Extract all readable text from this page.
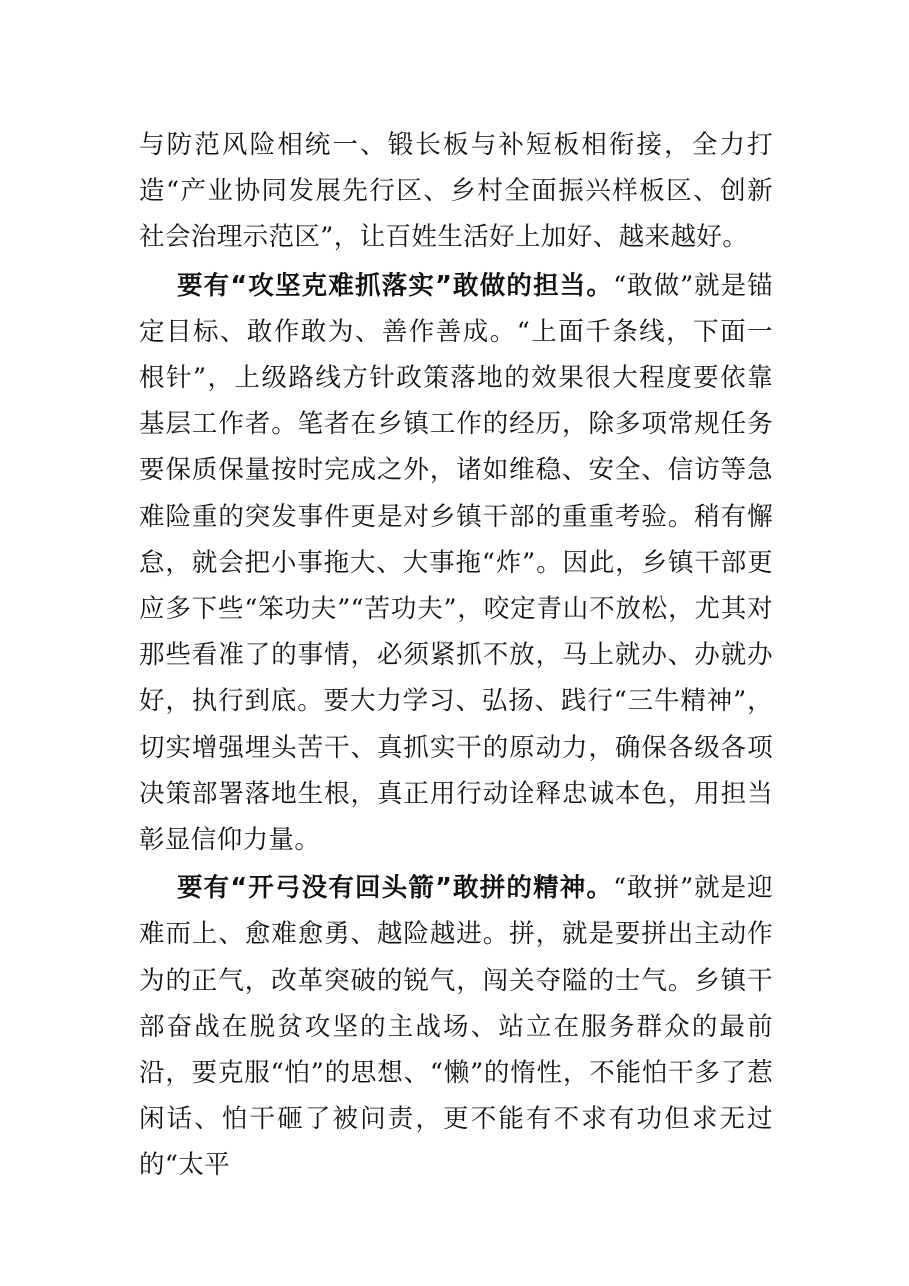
与防范风险相统一、锻长板与补短板相衔接，全力打造“产业协同发展先行区、乡村全面振兴样板区、创新社会治理示范区”，让百姓生活好上加好、越来越好。

要有“攻坚克难抓落实”敢做的担当。“敢做”就是锚定目标、敢作敢为、善作善成。“上面千条线，下面一根针”，上级路线方针政策落地的效果很大程度要依靠基层工作者。笔者在乡镇工作的经历，除多项常规任务要保质保量按时完成之外，诸如维稳、安全、信访等急难险重的突发事件更是对乡镇干部的重重考验。稍有懈怠，就会把小事拖大、大事拖“炸”。因此，乡镇干部更应多下些“笨功夫”“苦功夫”，咬定青山不放松，尤其对那些看准了的事情，必须紧抓不放，马上就办、办就办好，执行到底。要大力学习、弘扬、践行“三牛精神”，切实增强埋头苦干、真抓实干的原动力，确保各级各项决策部署落地生根，真正用行动诠释忠诚本色，用担当彰显信仰力量。

要有“开弓没有回头箭”敢拼的精神。“敢拼”就是迎难而上、愈难愈勇、越险越进。拼，就是要拼出主动作为的正气，改革突破的锐气，闯关夺隘的士气。乡镇干部奋战在脱贫攻坚的主战场、站立在服务群众的最前沿，要克服“怕”的思想、“懒”的惰性，不能怕干多了惹闲话、怕干砸了被问责，更不能有不求有功但求无过的“太平
